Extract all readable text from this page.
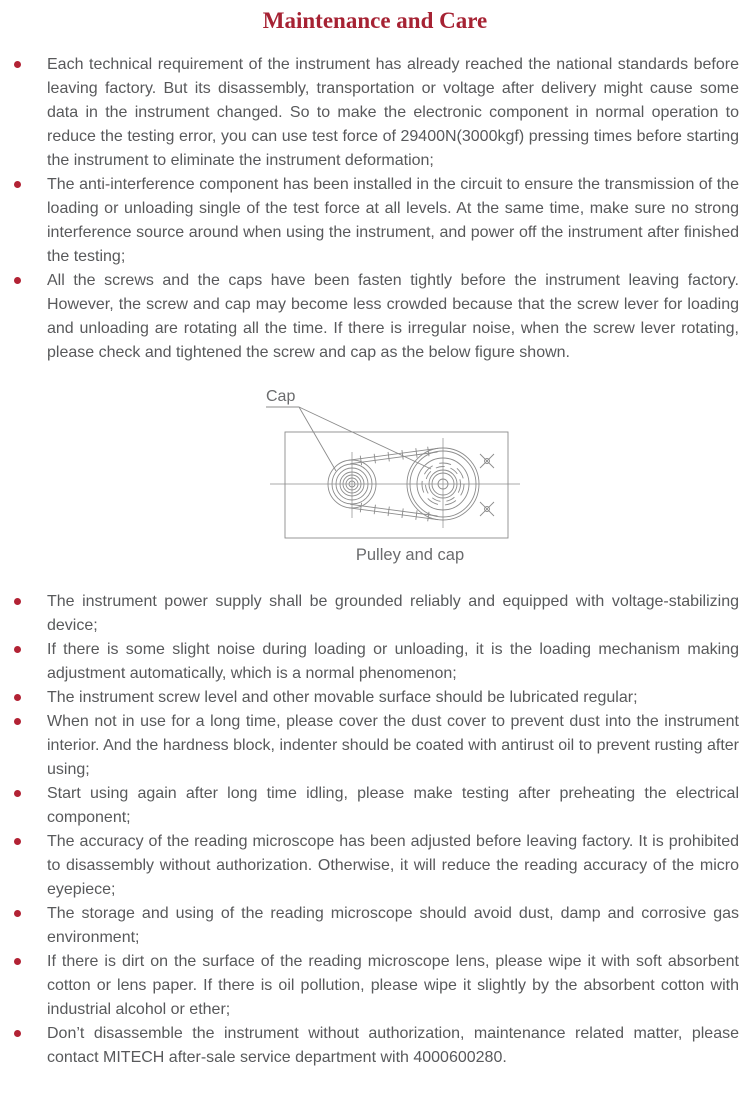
Maintenance and Care
Each technical requirement of the instrument has already reached the national standards before leaving factory. But its disassembly, transportation or voltage after delivery might cause some data in the instrument changed. So to make the electronic component in normal operation to reduce the testing error, you can use test force of 29400N(3000kgf) pressing times before starting the instrument to eliminate the instrument deformation;
The anti-interference component has been installed in the circuit to ensure the transmission of the loading or unloading single of the test force at all levels. At the same time, make sure no strong interference source around when using the instrument, and power off the instrument after finished the testing;
All the screws and the caps have been fasten tightly before the instrument leaving factory. However, the screw and cap may become less crowded because that the screw lever for loading and unloading are rotating all the time. If there is irregular noise, when the screw lever rotating, please check and tightened the screw and cap as the below figure shown.
Cap
Pulley and cap
The instrument power supply shall be grounded reliably and equipped with voltage-stabilizing device;
If there is some slight noise during loading or unloading, it is the loading mechanism making adjustment automatically, which is a normal phenomenon;
The instrument screw level and other movable surface should be lubricated regular;
When not in use for a long time, please cover the dust cover to prevent dust into the instrument interior. And the hardness block, indenter should be coated with antirust oil to prevent rusting after using;
Start using again after long time idling, please make testing after preheating the electrical component;
The accuracy of the reading microscope has been adjusted before leaving factory. It is prohibited to disassembly without authorization. Otherwise, it will reduce the reading accuracy of the micro eyepiece;
The storage and using of the reading microscope should avoid dust, damp and corrosive gas environment;
If there is dirt on the surface of the reading microscope lens, please wipe it with soft absorbent cotton or lens paper. If there is oil pollution, please wipe it slightly by the absorbent cotton with industrial alcohol or ether;
Don’t disassemble the instrument without authorization, maintenance related matter, please contact MITECH after-sale service department with 4000600280.
